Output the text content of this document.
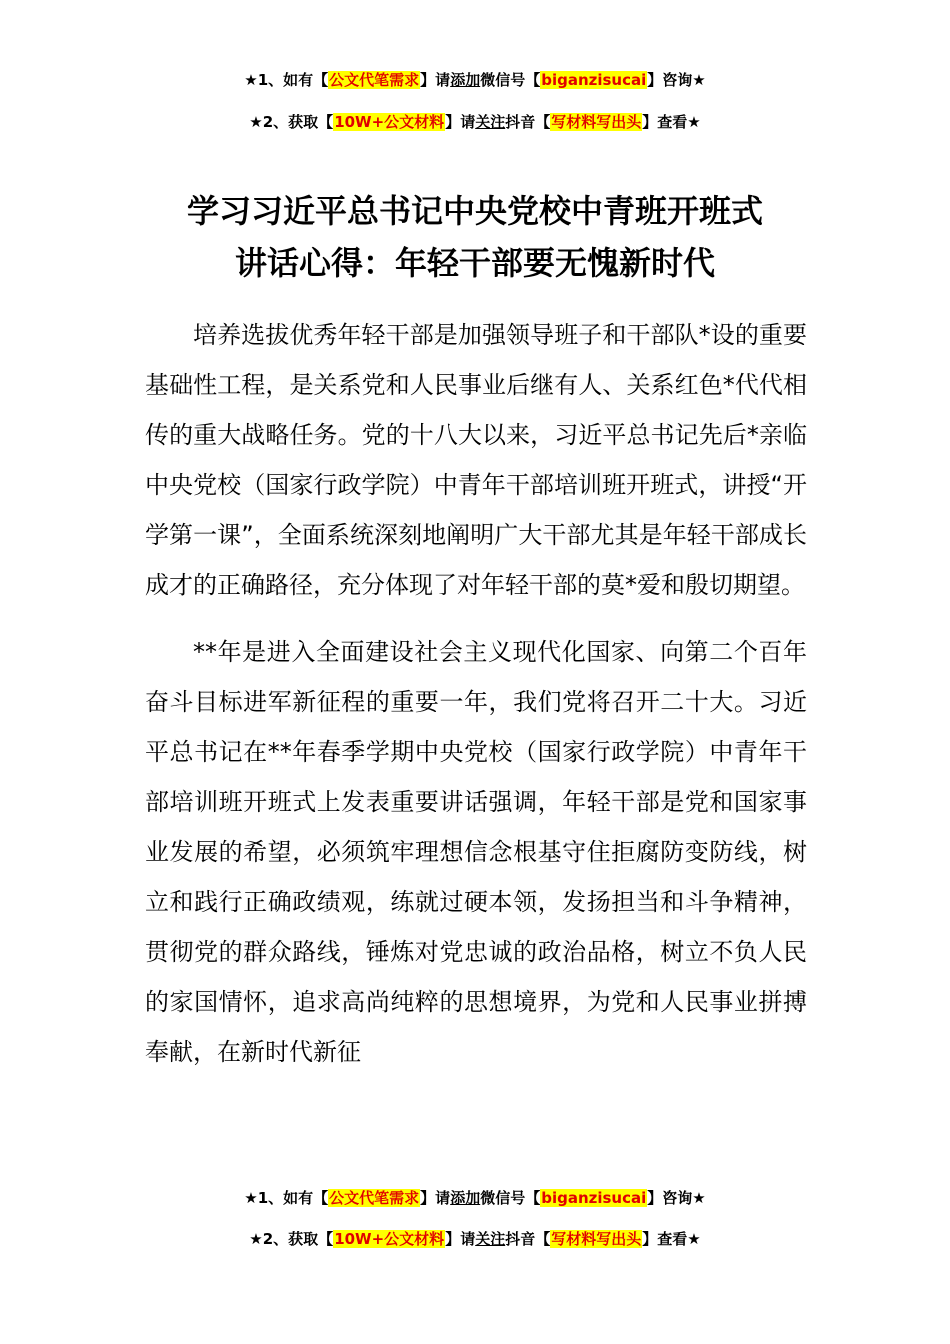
★1、如有【公文代笔需求】请添加微信号【biganzisucai】咨询★
★2、获取【10W+公文材料】请关注抖音【写材料写出头】查看★
学习习近平总书记中央党校中青班开班式
讲话心得：年轻干部要无愧新时代

培养选拔优秀年轻干部是加强领导班子和干部队*设的重要基础性工程，是关系党和人民事业后继有人、关系红色*代代相传的重大战略任务。党的十八大以来，习近平总书记先后*亲临中央党校（国家行政学院）中青年干部培训班开班式，讲授“开学第一课”，全面系统深刻地阐明广大干部尤其是年轻干部成长成才的正确路径，充分体现了对年轻干部的莫*爱和殷切期望。

**年是进入全面建设社会主义现代化国家、向第二个百年奋斗目标进军新征程的重要一年，我们党将召开二十大。习近平总书记在**年春季学期中央党校（国家行政学院）中青年干部培训班开班式上发表重要讲话强调，年轻干部是党和国家事业发展的希望，必须筑牢理想信念根基守住拒腐防变防线，树立和践行正确政绩观，练就过硬本领，发扬担当和斗争精神，贯彻党的群众路线，锤炼对党忠诚的政治品格，树立不负人民的家国情怀，追求高尚纯粹的思想境界，为党和人民事业拼搏奉献，在新时代新征

★1、如有【公文代笔需求】请添加微信号【biganzisucai】咨询★
★2、获取【10W+公文材料】请关注抖音【写材料写出头】查看★
